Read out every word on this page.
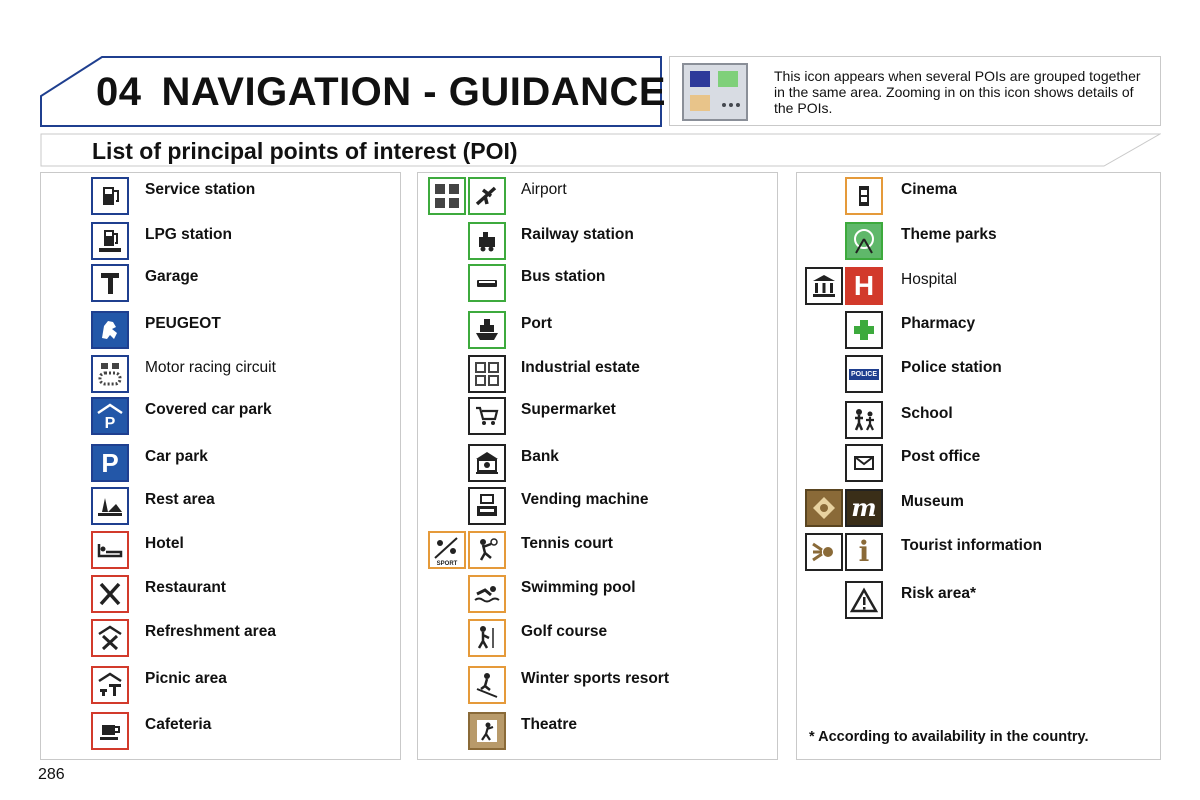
04 NAVIGATION - GUIDANCE	This icon appears when several POIs are grouped together in the same area. Zooming in on this icon shows details of the POIs.
List of principal points of interest (POI)
Service station
LPG station
Garage
PEUGEOT
Motor racing circuit
P
Covered car park
P	Car park
Rest area
Hotel
Restaurant
Refreshment area
Picnic area
Cafeteria
Airport
Railway station
Bus station
Port
Industrial estate
Supermarket
Bank
Vending machine
SPORT
Tennis court
Swimming pool
Golf course
Winter sports resort
Theatre
Cinema
Theme parks
H	Hospital
Pharmacy
POLICE Police station
School
Post office
m Museum
i Tourist information
Risk area*
* According to availability in the country.
286
